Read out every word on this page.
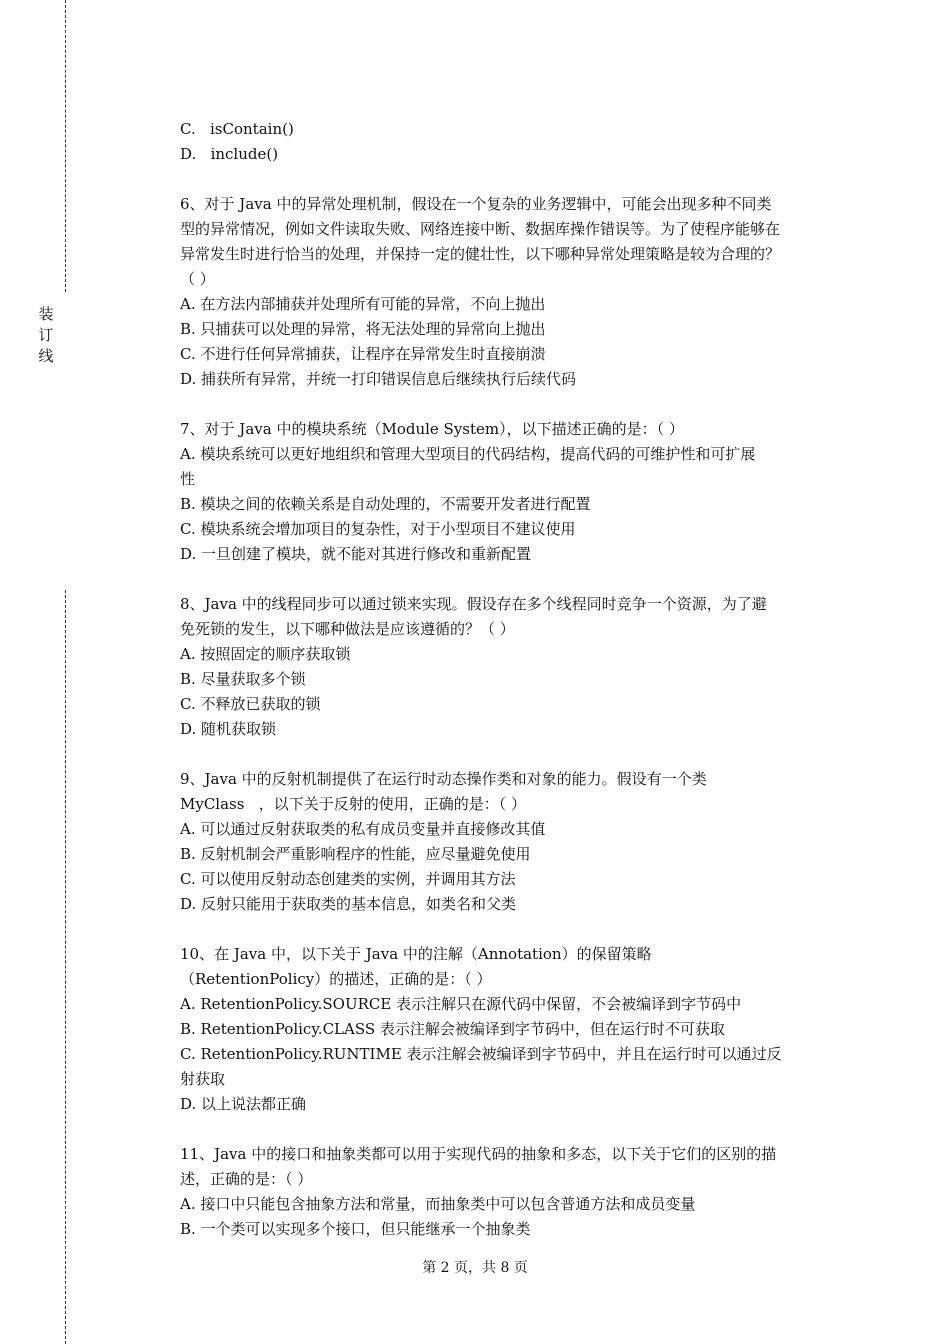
装
订
线
C.   isContain()
D.   include()
6、对于 Java 中的异常处理机制，假设在一个复杂的业务逻辑中，可能会出现多种不同类
型的异常情况，例如文件读取失败、网络连接中断、数据库操作错误等。为了使程序能够在
异常发生时进行恰当的处理，并保持一定的健壮性，以下哪种异常处理策略是较为合理的？
（ ）
A. 在方法内部捕获并处理所有可能的异常，不向上抛出
B. 只捕获可以处理的异常，将无法处理的异常向上抛出
C. 不进行任何异常捕获，让程序在异常发生时直接崩溃
D. 捕获所有异常，并统一打印错误信息后继续执行后续代码
7、对于 Java 中的模块系统（Module System），以下描述正确的是：（ ）
A. 模块系统可以更好地组织和管理大型项目的代码结构，提高代码的可维护性和可扩展
性
B. 模块之间的依赖关系是自动处理的，不需要开发者进行配置
C. 模块系统会增加项目的复杂性，对于小型项目不建议使用
D. 一旦创建了模块，就不能对其进行修改和重新配置
8、Java 中的线程同步可以通过锁来实现。假设存在多个线程同时竞争一个资源，为了避
免死锁的发生，以下哪种做法是应该遵循的？（ ）
A. 按照固定的顺序获取锁
B. 尽量获取多个锁
C. 不释放已获取的锁
D. 随机获取锁
9、Java 中的反射机制提供了在运行时动态操作类和对象的能力。假设有一个类
MyClass   ，以下关于反射的使用，正确的是：（ ）
A. 可以通过反射获取类的私有成员变量并直接修改其值
B. 反射机制会严重影响程序的性能，应尽量避免使用
C. 可以使用反射动态创建类的实例，并调用其方法
D. 反射只能用于获取类的基本信息，如类名和父类
10、在 Java 中，以下关于 Java 中的注解（Annotation）的保留策略
（RetentionPolicy）的描述，正确的是：（ ）
A. RetentionPolicy.SOURCE 表示注解只在源代码中保留，不会被编译到字节码中
B. RetentionPolicy.CLASS 表示注解会被编译到字节码中，但在运行时不可获取
C. RetentionPolicy.RUNTIME 表示注解会被编译到字节码中，并且在运行时可以通过反
射获取
D. 以上说法都正确
11、Java 中的接口和抽象类都可以用于实现代码的抽象和多态，以下关于它们的区别的描
述，正确的是：（ ）
A. 接口中只能包含抽象方法和常量，而抽象类中可以包含普通方法和成员变量
B. 一个类可以实现多个接口，但只能继承一个抽象类
第 2 页，共 8 页
